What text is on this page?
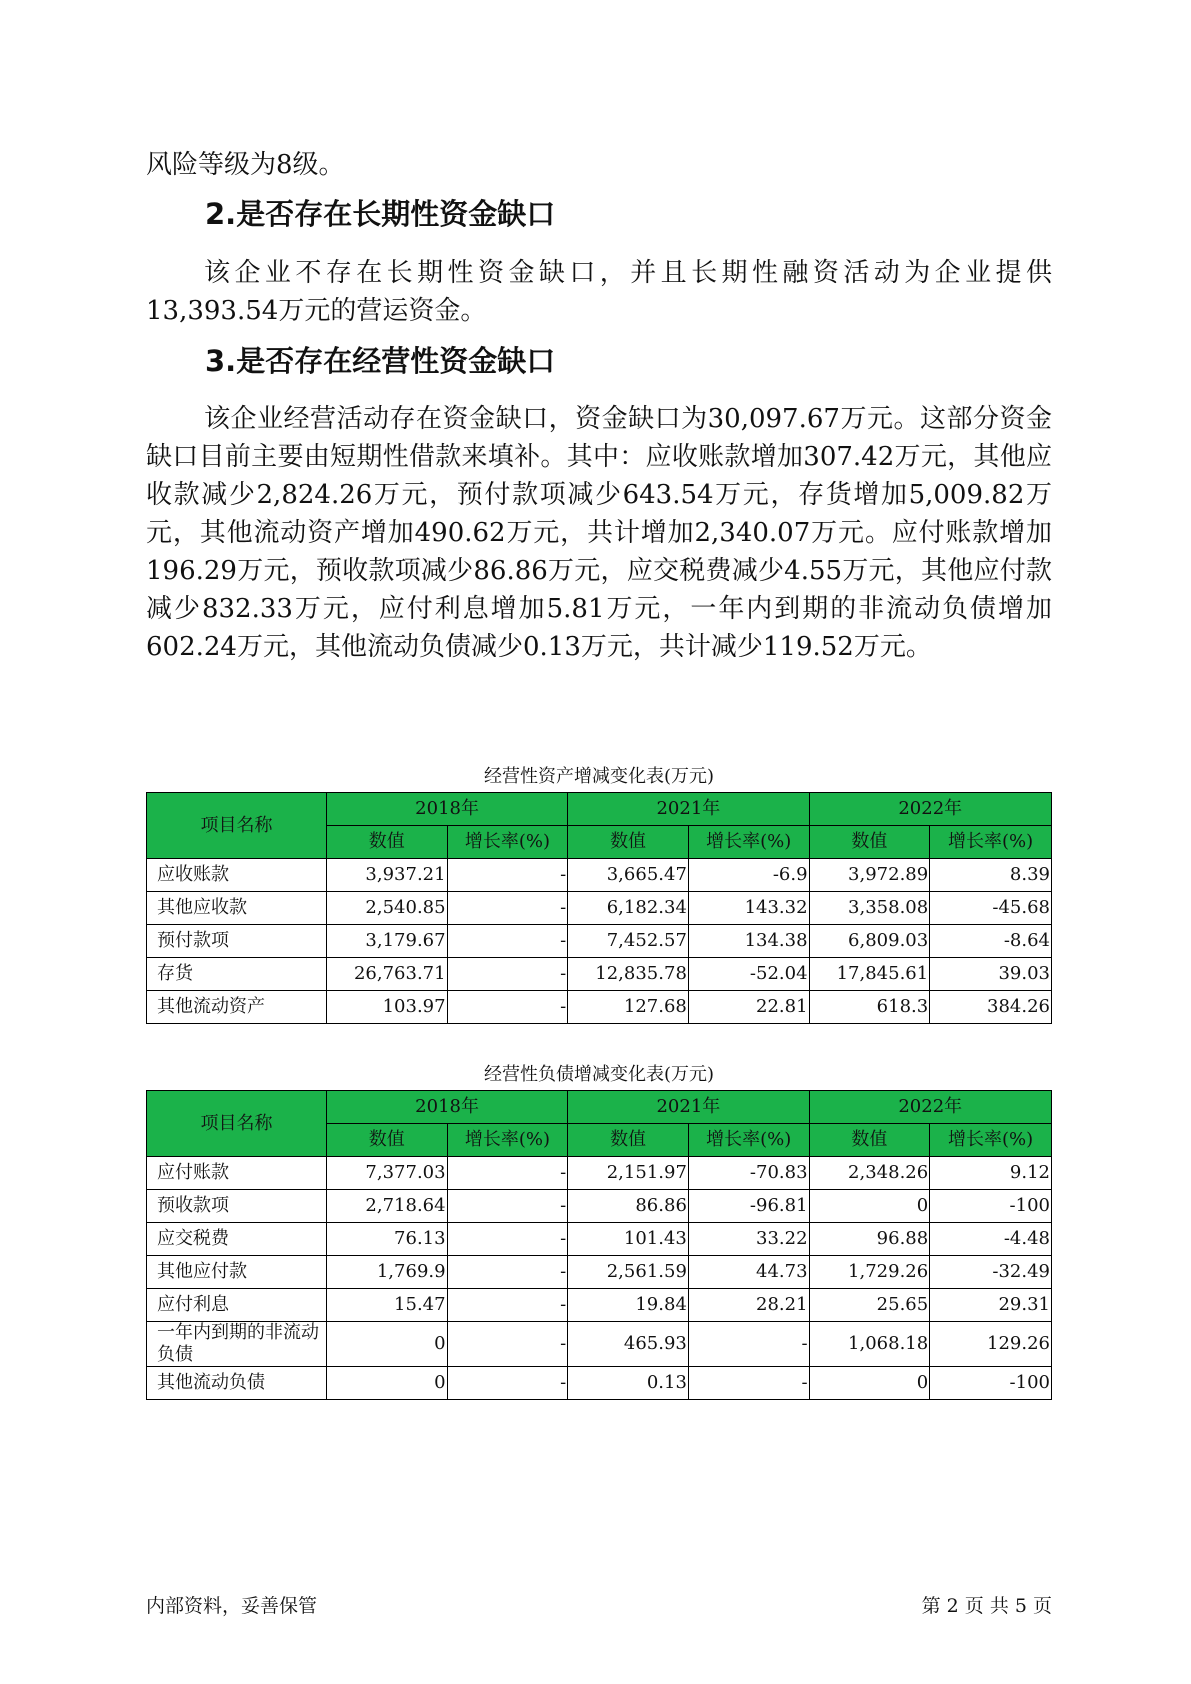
风险等级为8级。

2.是否存在长期性资金缺口

该企业不存在长期性资金缺口，并且长期性融资活动为企业提供13,393.54万元的营运资金。

3.是否存在经营性资金缺口

该企业经营活动存在资金缺口，资金缺口为30,097.67万元。这部分资金缺口目前主要由短期性借款来填补。其中：应收账款增加307.42万元，其他应收款减少2,824.26万元，预付款项减少643.54万元，存货增加5,009.82万元，其他流动资产增加490.62万元，共计增加2,340.07万元。应付账款增加196.29万元，预收款项减少86.86万元，应交税费减少4.55万元，其他应付款减少832.33万元，应付利息增加5.81万元，一年内到期的非流动负债增加602.24万元，其他流动负债减少0.13万元，共计减少119.52万元。

经营性资产增减变化表(万元)

项目名称	2018年		2021年		2022年	
	数值	增长率(%)	数值	增长率(%)	数值	增长率(%)
应收账款	3,937.21	-	3,665.47	-6.9	3,972.89	8.39
其他应收款	2,540.85	-	6,182.34	143.32	3,358.08	-45.68
预付款项	3,179.67	-	7,452.57	134.38	6,809.03	-8.64
存货	26,763.71	-	12,835.78	-52.04	17,845.61	39.03
其他流动资产	103.97	-	127.68	22.81	618.3	384.26

经营性负债增减变化表(万元)

项目名称	2018年		2021年		2022年	
	数值	增长率(%)	数值	增长率(%)	数值	增长率(%)
应付账款	7,377.03	-	2,151.97	-70.83	2,348.26	9.12
预收款项	2,718.64	-	86.86	-96.81	0	-100
应交税费	76.13	-	101.43	33.22	96.88	-4.48
其他应付款	1,769.9	-	2,561.59	44.73	1,729.26	-32.49
应付利息	15.47	-	19.84	28.21	25.65	29.31
一年内到期的非流动负债	0	-	465.93	-	1,068.18	129.26
其他流动负债	0	-	0.13	-	0	-100
内部资料，妥善保管	第 2 页 共 5 页
